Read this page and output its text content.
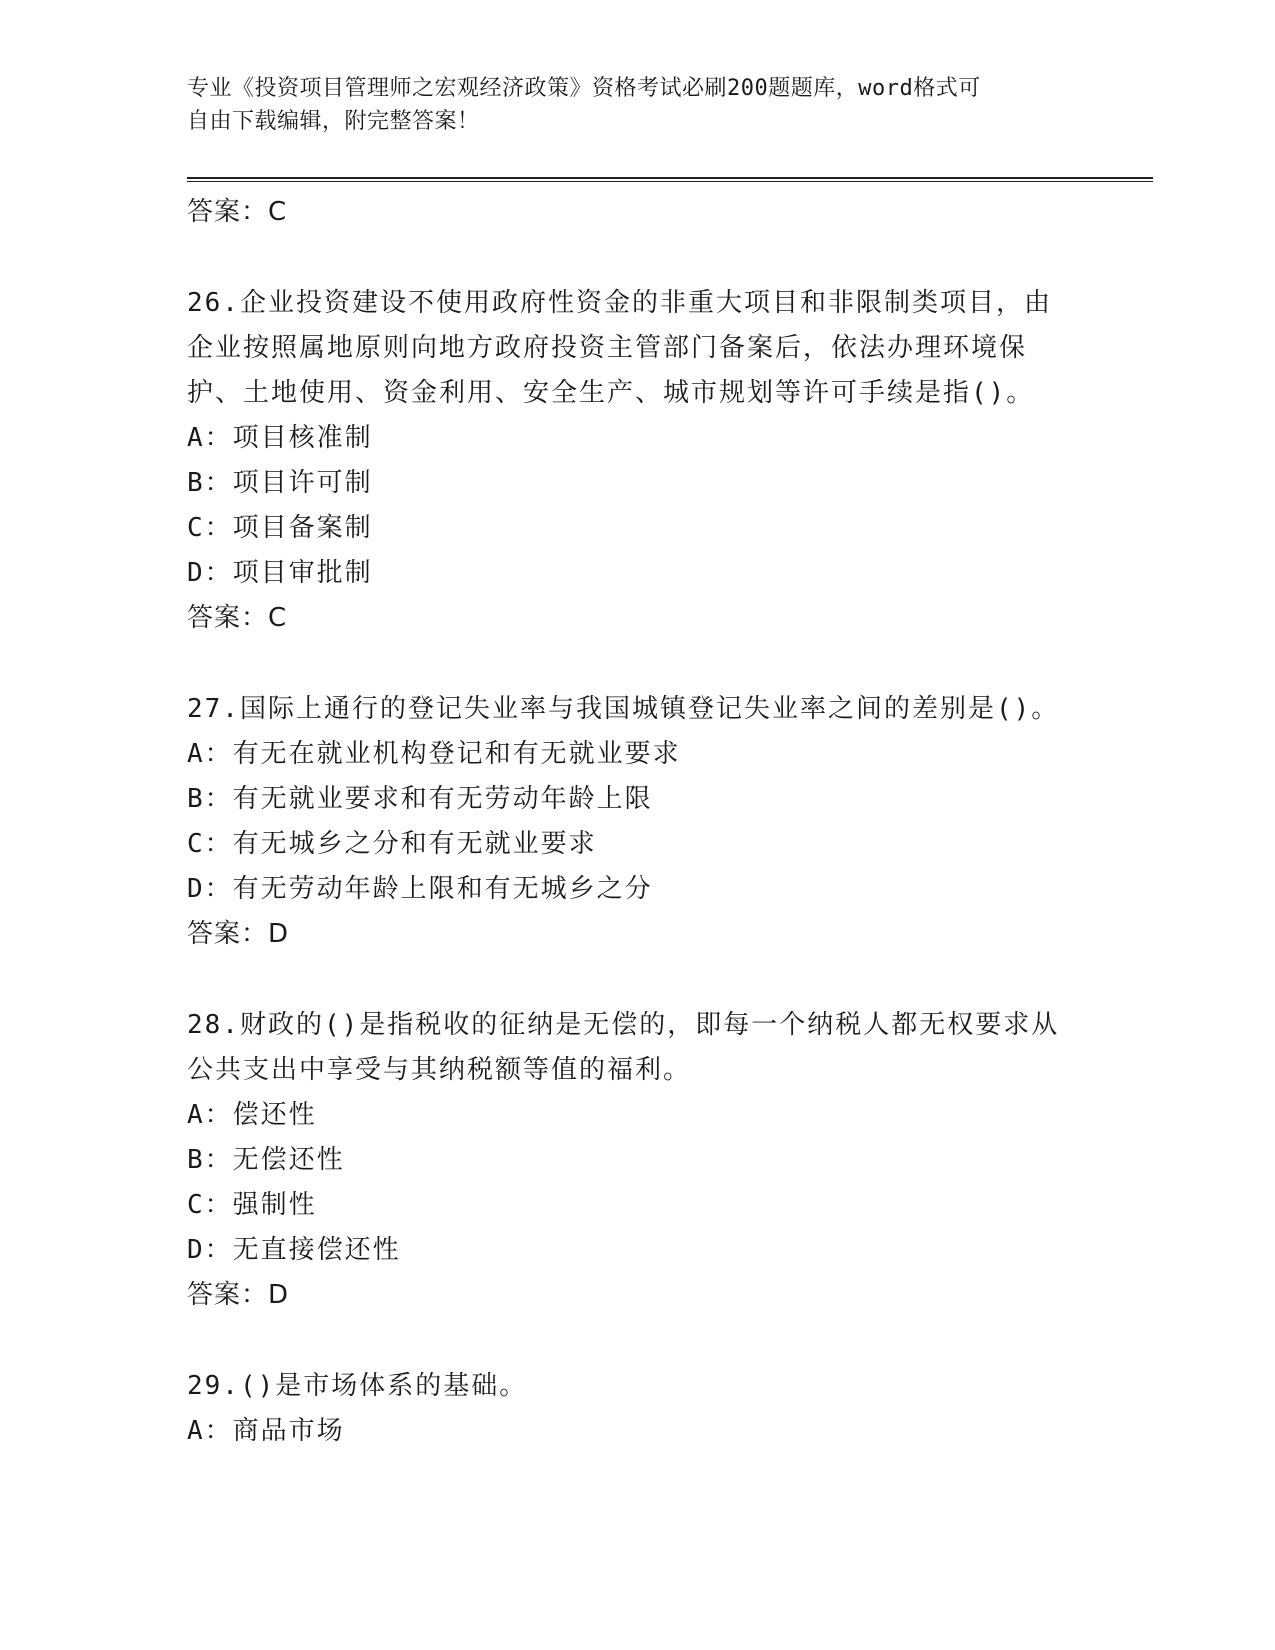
专业《投资项目管理师之宏观经济政策》资格考试必刷200题题库，word格式可
自由下载编辑，附完整答案！
答案：C
26.企业投资建设不使用政府性资金的非重大项目和非限制类项目，由
企业按照属地原则向地方政府投资主管部门备案后，依法办理环境保
护、土地使用、资金利用、安全生产、城市规划等许可手续是指()。
A：项目核准制
B：项目许可制
C：项目备案制
D：项目审批制
答案：C
27.国际上通行的登记失业率与我国城镇登记失业率之间的差别是()。
A：有无在就业机构登记和有无就业要求
B：有无就业要求和有无劳动年龄上限
C：有无城乡之分和有无就业要求
D：有无劳动年龄上限和有无城乡之分
答案：D
28.财政的()是指税收的征纳是无偿的，即每一个纳税人都无权要求从
公共支出中享受与其纳税额等值的福利。
A：偿还性
B：无偿还性
C：强制性
D：无直接偿还性
答案：D
29.()是市场体系的基础。
A：商品市场
